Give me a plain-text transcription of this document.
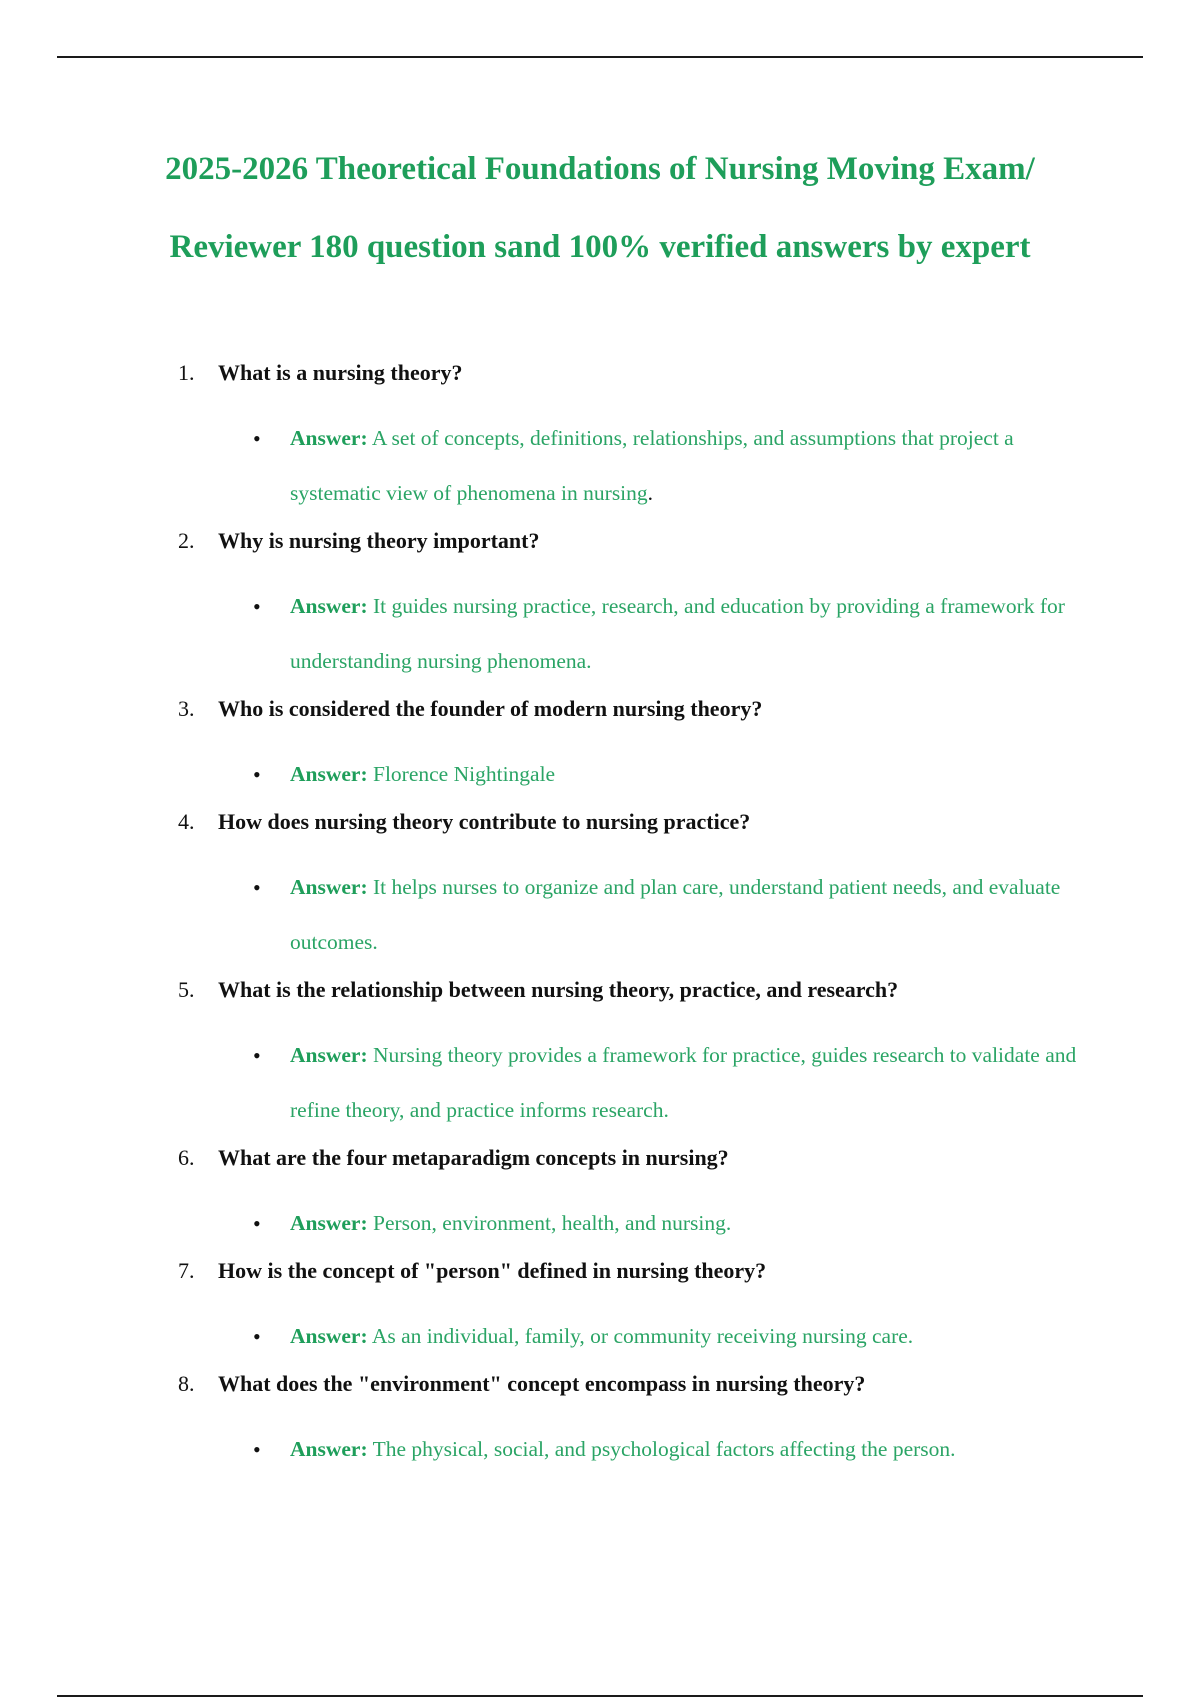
2025-2026 Theoretical Foundations of Nursing Moving Exam/
Reviewer 180 question sand 100% verified answers by expert
1. What is a nursing theory?
• Answer: A set of concepts, definitions, relationships, and assumptions that project a systematic view of phenomena in nursing.
2. Why is nursing theory important?
• Answer: It guides nursing practice, research, and education by providing a framework for understanding nursing phenomena.
3. Who is considered the founder of modern nursing theory?
• Answer: Florence Nightingale
4. How does nursing theory contribute to nursing practice?
• Answer: It helps nurses to organize and plan care, understand patient needs, and evaluate outcomes.
5. What is the relationship between nursing theory, practice, and research?
• Answer: Nursing theory provides a framework for practice, guides research to validate and refine theory, and practice informs research.
6. What are the four metaparadigm concepts in nursing?
• Answer: Person, environment, health, and nursing.
7. How is the concept of "person" defined in nursing theory?
• Answer: As an individual, family, or community receiving nursing care.
8. What does the "environment" concept encompass in nursing theory?
• Answer: The physical, social, and psychological factors affecting the person.
